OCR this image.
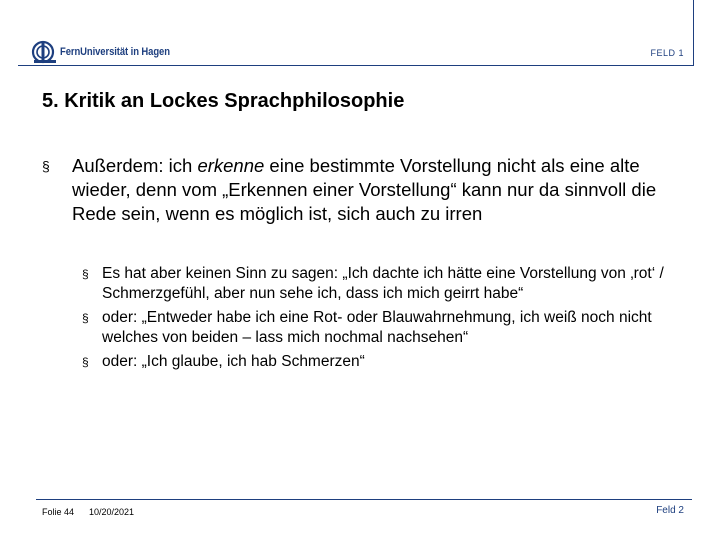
FernUniversität in Hagen	FELD 1
5. Kritik an Lockes Sprachphilosophie
§ Außerdem: ich erkenne eine bestimmte Vorstellung nicht als eine alte wieder, denn vom „Erkennen einer Vorstellung“ kann nur da sinnvoll die Rede sein, wenn es möglich ist, sich auch zu irren
§ Es hat aber keinen Sinn zu sagen: „Ich dachte ich hätte eine Vorstellung von ‚rot‘ / Schmerzgefühl, aber nun sehe ich, dass ich mich geirrt habe“
§ oder: „Entweder habe ich eine Rot- oder Blauwahrnehmung, ich weiß noch nicht welches von beiden – lass mich nochmal nachsehen“
§ oder: „Ich glaube, ich hab Schmerzen“
Folie 44 10/20/2021	Feld 2
